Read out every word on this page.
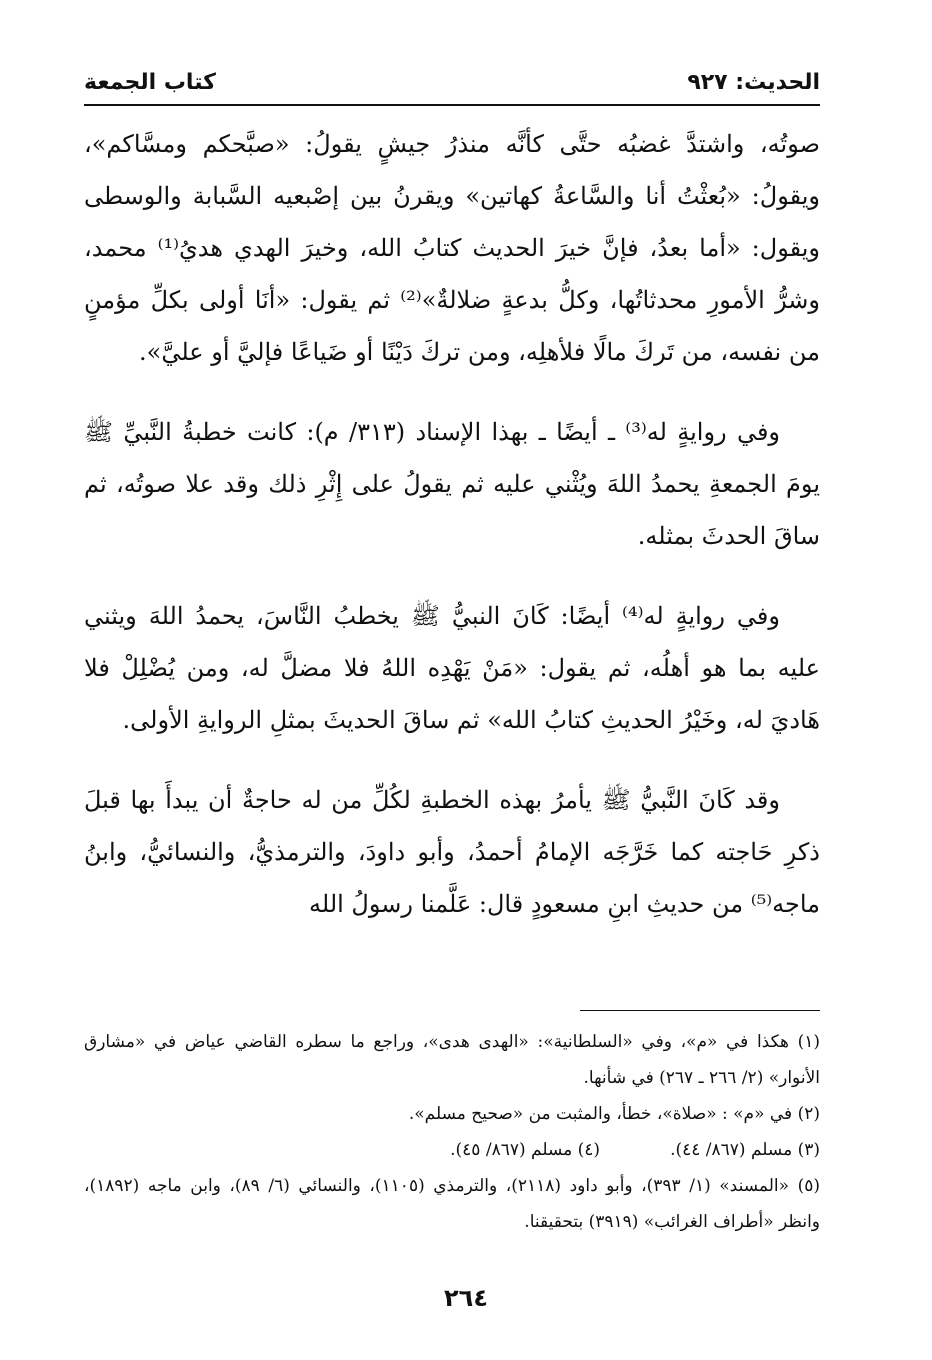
الحديث: ٩٢٧
كتاب الجمعة

صوتُه، واشتدَّ غضبُه حتَّى كأنَّه منذرُ جيشٍ يقولُ: «صبَّحكم ومسَّاكم»، ويقولُ: «بُعثْتُ أنا والسَّاعةُ كهاتين» ويقرنُ بين إصْبعيه السَّبابة والوسطى ويقول: «أما بعدُ، فإنَّ خيرَ الحديث كتابُ الله، وخيرَ الهدي هديُ⁽¹⁾ محمد، وشرُّ الأمورِ محدثاتُها، وكلُّ بدعةٍ ضلالةٌ»⁽²⁾ ثم يقول: «أنَا أولى بكلِّ مؤمنٍ من نفسه، من تَركَ مالًا فلأهلِه، ومن تركَ دَيْنًا أو ضَياعًا فإليَّ أو عليَّ».

وفي روايةٍ له⁽³⁾ ـ أيضًا ـ بهذا الإسناد (٣١٣/ م): كانت خطبةُ النَّبيِّ ﷺ يومَ الجمعةِ يحمدُ اللهَ ويُثْني عليه ثم يقولُ على إِثْرِ ذلك وقد علا صوتُه، ثم ساقَ الحدثَ بمثله.

وفي روايةٍ له⁽⁴⁾ أيضًا: كَانَ النبيُّ ﷺ يخطبُ النَّاسَ، يحمدُ اللهَ ويثني عليه بما هو أهلُه، ثم يقول: «مَنْ يَهْدِه اللهُ فلا مضلَّ له، ومن يُضْلِلْ فلا هَاديَ له، وخَيْرُ الحديثِ كتابُ الله» ثم ساقَ الحديثَ بمثلِ الروايةِ الأولى.

وقد كَانَ النَّبيُّ ﷺ يأمرُ بهذه الخطبةِ لكُلِّ من له حاجةٌ أن يبدأَ بها قبلَ ذكرِ حَاجته كما خَرَّجَه الإمامُ أحمدُ، وأبو داودَ، والترمذيُّ، والنسائيُّ، وابنُ ماجه⁽⁵⁾ من حديثِ ابنِ مسعودٍ قال: عَلَّمنا رسولُ الله

(١) هكذا في «م»، وفي «السلطانية»: «الهدى هدى»، وراجع ما سطره القاضي عياض في «مشارق الأنوار» (٢/ ٢٦٦ ـ ٢٦٧) في شأنها.

(٢) في «م» : «صلاة»، خطأ، والمثبت من «صحيح مسلم».

(٣) مسلم (٨٦٧/ ٤٤).
(٤) مسلم (٨٦٧/ ٤٥).

(٥) «المسند» (١/ ٣٩٣)، وأبو داود (٢١١٨)، والترمذي (١١٠٥)، والنسائي (٦/ ٨٩)، وابن ماجه (١٨٩٢)، وانظر «أطراف الغرائب» (٣٩١٩) بتحقيقنا.

٢٦٤
